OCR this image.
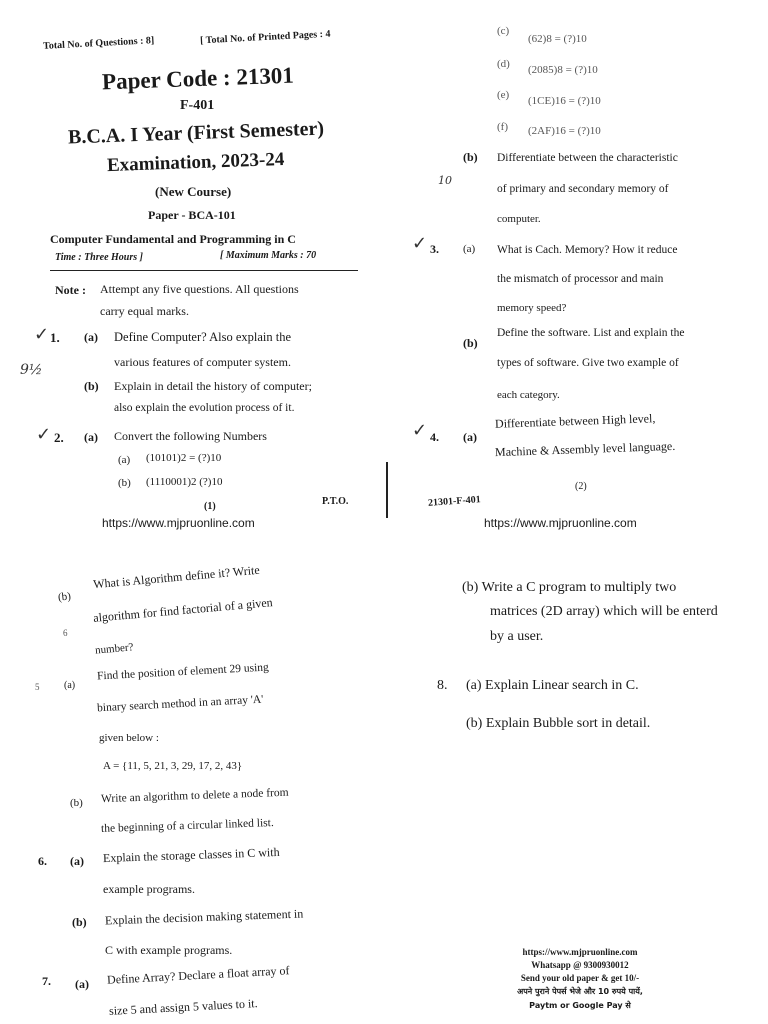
Total No. of Questions : 8]	[ Total No. of Printed Pages : 4
Paper Code : 21301
F-401
B.C.A. I Year (First Semester)
Examination, 2023-24
(New Course)
Paper - BCA-101
Computer Fundamental and Programming in C
Time : Three Hours ]	[ Maximum Marks : 70
Note : Attempt any five questions. All questions
carry equal marks.
✓ 1. (a) Define Computer? Also explain the
various features of computer system.
9½
(b) Explain in detail the history of computer;
also explain the evolution process of it.
✓ 2. (a) Convert the following Numbers
(a) (10101)2 = (?)10
(b) (1110001)2 (?)10
(1)	P.T.O.
https://www.mjpruonline.com
(c)
(62)8 = (?)10
(d) (2085)8 = (?)10
(e) (1CE)16 = (?)10
(f) (2AF)16 = (?)10
(b) Differentiate between the characteristic
10
of primary and secondary memory of
computer.
✓ 3. (a) What is Cach. Memory? How it reduce
the mismatch of processor and main
memory speed?
(b)
Define the software. List and explain the
types of software. Give two example of
each category.
✓ 4. (a)
Differentiate between High level,
Machine & Assembly level language.
(2)
21301-F-401
https://www.mjpruonline.com
(b)
What is Algorithm define it? Write
algorithm for find factorial of a given
6
number?
5 (a)
Find the position of element 29 using
binary search method in an array 'A'
given below :
A = {11, 5, 21, 3, 29, 17, 2, 43}
(b) Write an algorithm to delete a node from
the beginning of a circular linked list.
6. (a) Explain the storage classes in C with
example programs.
(b) Explain the decision making statement in
C with example programs.
7. (a) Define Array? Declare a float array of
size 5 and assign 5 values to it.
(b) Write a C program to multiply two
matrices (2D array) which will be enterd
by a user.
8. (a) Explain Linear search in C.
(b) Explain Bubble sort in detail.
https://www.mjpruonline.com
Whatsapp @ 9300930012
Send your old paper & get 10/-
अपने पुराने पेपर्स भेजे और 10 रुपये पायें,
Paytm or Google Pay से
